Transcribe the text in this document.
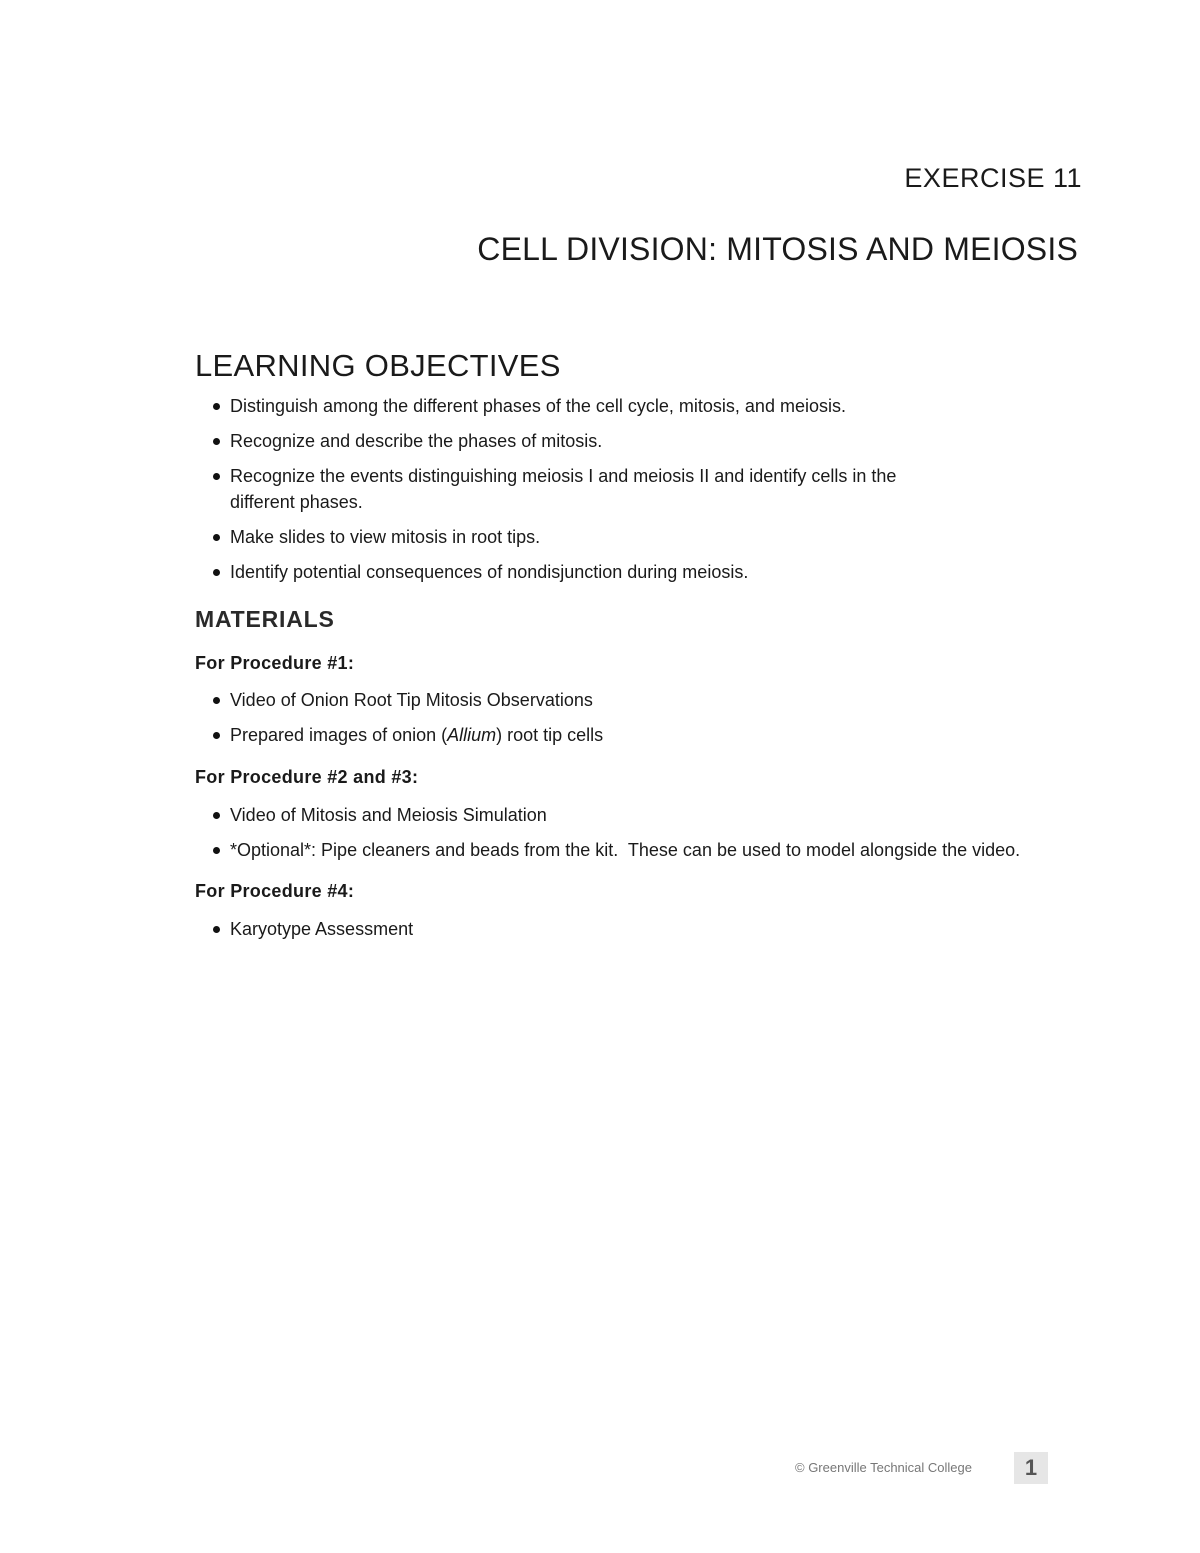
EXERCISE 11
CELL DIVISION: MITOSIS AND MEIOSIS
LEARNING OBJECTIVES
Distinguish among the different phases of the cell cycle, mitosis, and meiosis.
Recognize and describe the phases of mitosis.
Recognize the events distinguishing meiosis I and meiosis II and identify cells in the
different phases.
Make slides to view mitosis in root tips.
Identify potential consequences of nondisjunction during meiosis.
MATERIALS
For Procedure #1:
Video of Onion Root Tip Mitosis Observations
Prepared images of onion (Allium) root tip cells
For Procedure #2 and #3:
Video of Mitosis and Meiosis Simulation
*Optional*: Pipe cleaners and beads from the kit.  These can be used to model alongside the video.
For Procedure #4:
Karyotype Assessment
© Greenville Technical College	1
